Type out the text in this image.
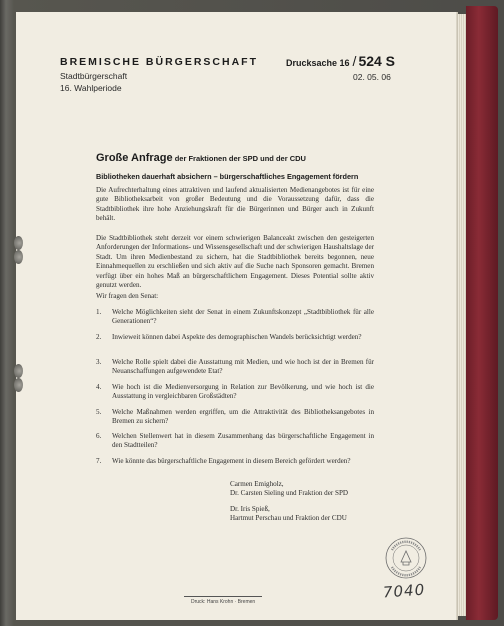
BREMISCHE BÜRGERSCHAFT
Stadtbürgerschaft
16. Wahlperiode
Drucksache 16 / 524 S
02. 05. 06
Große Anfrage der Fraktionen der SPD und der CDU
Bibliotheken dauerhaft absichern – bürgerschaftliches Engagement fördern

Die Aufrechterhaltung eines attraktiven und laufend aktualisierten Medienangebotes ist für eine gute Bibliotheksarbeit von großer Bedeutung und die Voraussetzung dafür, dass die Stadtbibliothek ihre hohe Anziehungskraft für die Bürgerinnen und Bürger auch in Zukunft behält.

Die Stadtbibliothek steht derzeit vor einem schwierigen Balanceakt zwischen den gesteigerten Anforderungen der Informations- und Wissensgesellschaft und der schwierigen Haushaltslage der Stadt. Um ihren Medienbestand zu sichern, hat die Stadtbibliothek bereits begonnen, neue Einnahmequellen zu erschließen und sich aktiv auf die Suche nach Sponsoren gemacht. Bremen verfügt über ein hohes Maß an bürgerschaftlichem Engagement. Dieses Potential sollte aktiv genutzt werden.

Wir fragen den Senat:

1.	Welche Möglichkeiten sieht der Senat in einem Zukunftskonzept „Stadtbibliothek für alle Generationen“?
2.	Inwieweit können dabei Aspekte des demographischen Wandels berücksichtigt werden?
3.	Welche Rolle spielt dabei die Ausstattung mit Medien, und wie hoch ist der in Bremen für Neuanschaffungen aufgewendete Etat?
4.	Wie hoch ist die Medienversorgung in Relation zur Bevölkerung, und wie hoch ist die Ausstattung in vergleichbaren Großstädten?
5.	Welche Maßnahmen werden ergriffen, um die Attraktivität des Bibliotheksangebotes in Bremen zu sichern?
6.	Welchen Stellenwert hat in diesem Zusammenhang das bürgerschaftliche Engagement in den Stadtteilen?
7.	Wie könnte das bürgerschaftliche Engagement in diesem Bereich gefördert werden?
Carmen Emigholz,
Dr. Carsten Sieling und Fraktion der SPD
Dr. Iris Spieß,
Hartmut Perschau und Fraktion der CDU
Druck: Hans Krohn · Bremen
7040
